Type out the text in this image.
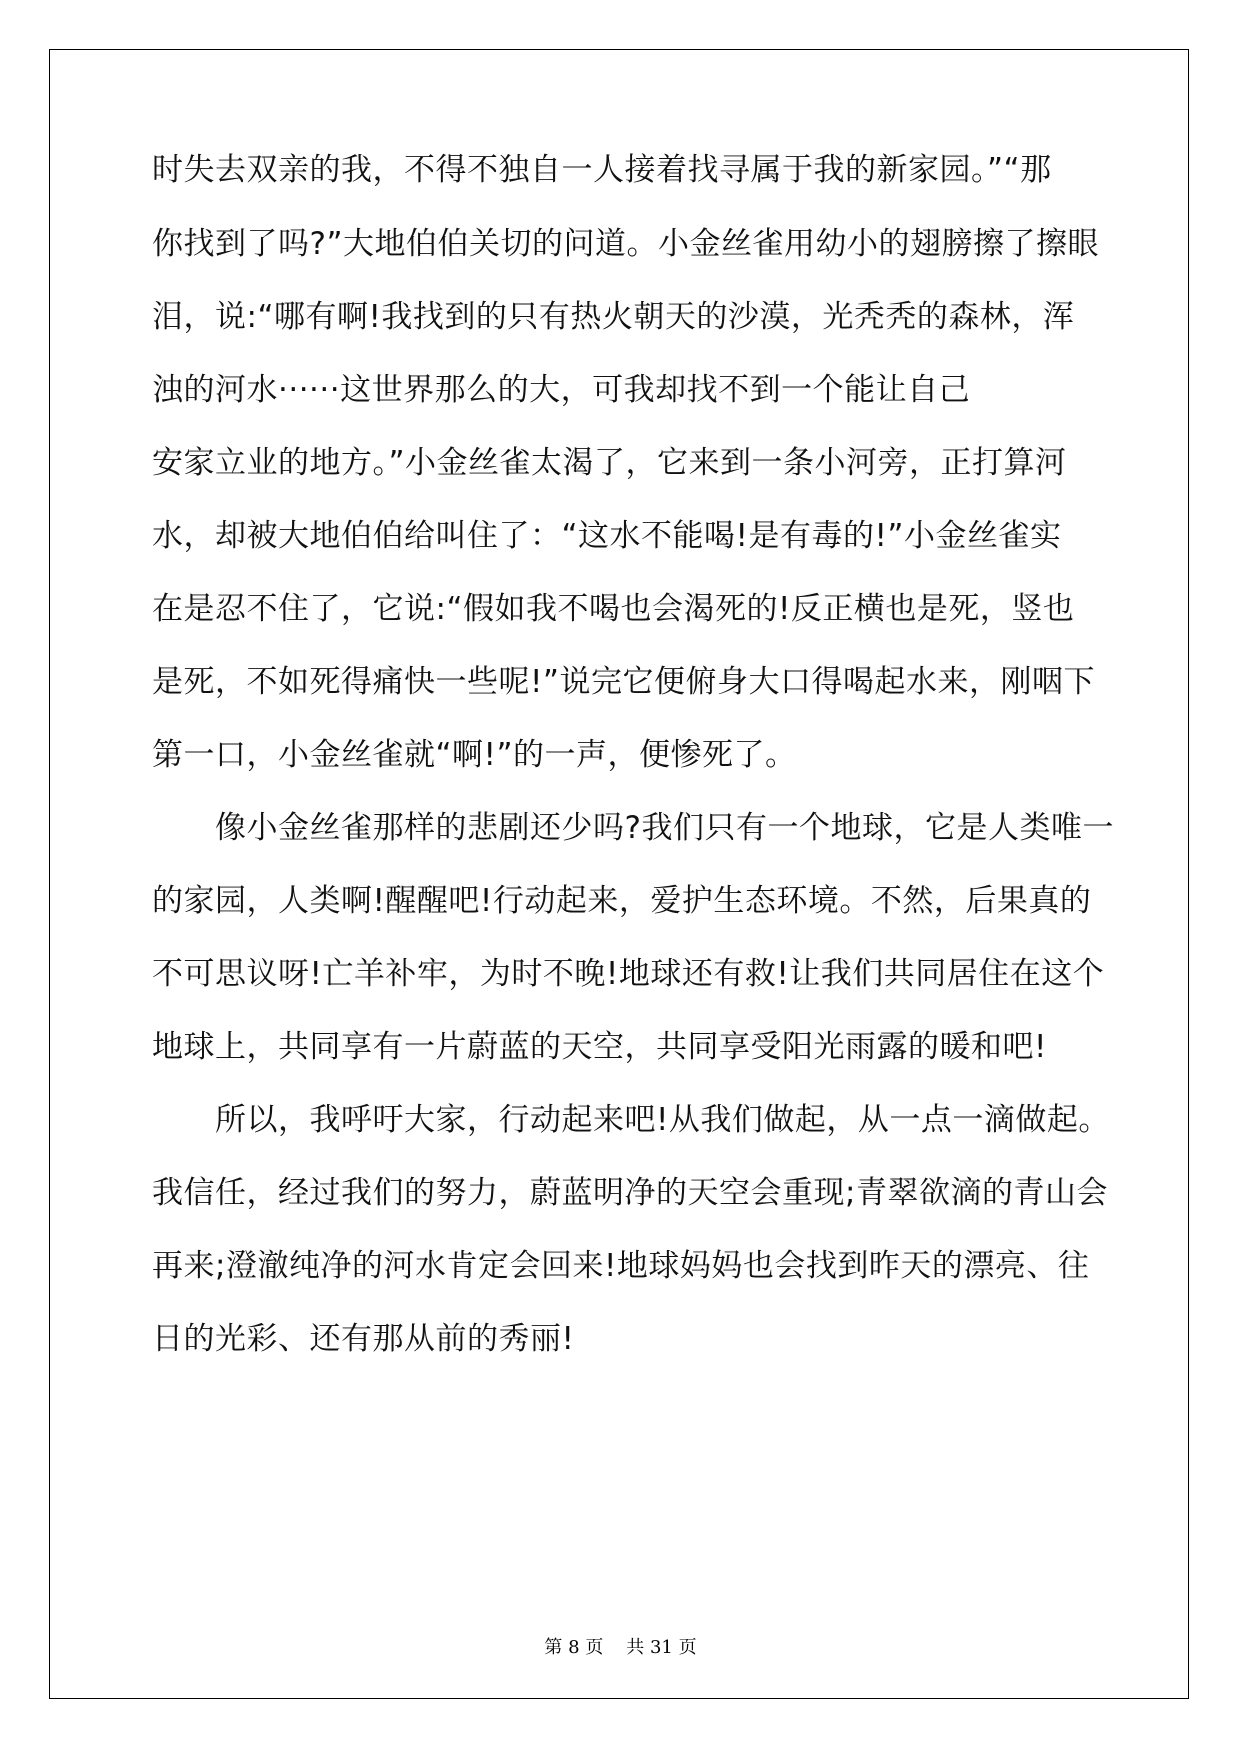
时失去双亲的我，不得不独自一人接着找寻属于我的新家园。”“那
你找到了吗?”大地伯伯关切的问道。小金丝雀用幼小的翅膀擦了擦眼
泪，说:“哪有啊!我找到的只有热火朝天的沙漠，光秃秃的森林，浑
浊的河水······这世界那么的大，可我却找不到一个能让自己
安家立业的地方。”小金丝雀太渴了，它来到一条小河旁，正打算河
水，却被大地伯伯给叫住了：“这水不能喝!是有毒的!”小金丝雀实
在是忍不住了，它说:“假如我不喝也会渴死的!反正横也是死，竖也
是死，不如死得痛快一些呢!”说完它便俯身大口得喝起水来，刚咽下
第一口，小金丝雀就“啊!”的一声，便惨死了。
像小金丝雀那样的悲剧还少吗?我们只有一个地球，它是人类唯一
的家园，人类啊!醒醒吧!行动起来，爱护生态环境。不然，后果真的
不可思议呀!亡羊补牢，为时不晚!地球还有救!让我们共同居住在这个
地球上，共同享有一片蔚蓝的天空，共同享受阳光雨露的暖和吧!
所以，我呼吁大家，行动起来吧!从我们做起，从一点一滴做起。
我信任，经过我们的努力，蔚蓝明净的天空会重现;青翠欲滴的青山会
再来;澄澈纯净的河水肯定会回来!地球妈妈也会找到昨天的漂亮、往
日的光彩、还有那从前的秀丽!
第 8 页 共 31 页
